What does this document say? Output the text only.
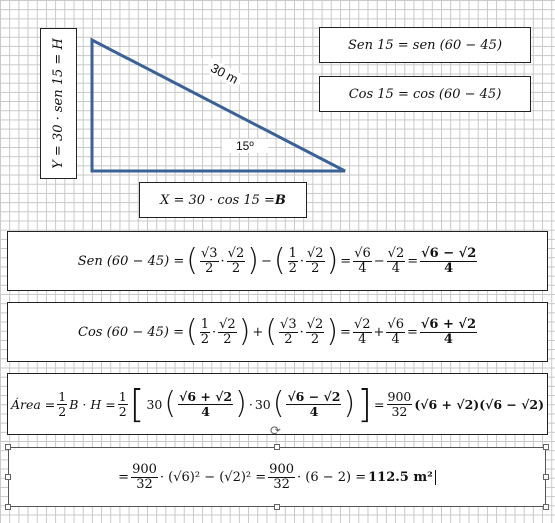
30 m
15º
Y = 30 · sen 15 = H
X = 30 · cos 15 = B
Sen 15 = sen (60 − 45)
Cos 15 = cos (60 − 45)
Sen (60 − 45) = ( $\frac{√3}{2} \cdot \frac{√2}{2}$ ) − ( $\frac{1}{2} \cdot \frac{√2}{2}$ ) = $\frac{√6}{4} - \frac{√2}{4} = \frac{√6 - √2}{4}$
Cos (60 − 45) = ( $\frac{1}{2} \cdot \frac{√2}{2}$ ) + ( $\frac{√3}{2} \cdot \frac{√2}{2}$ ) = $\frac{√2}{4} + \frac{√6}{4} = \frac{√6 + √2}{4}$
Área = $\frac{1}{2}$ $B \cdot H = \frac{1}{2}$ [ 30 ( $\frac{√6 + √2}{4}$ ) · 30 ( $\frac{√6 - √2}{4}$ ) ] = $\frac{900}{32} (√6 + √2)(√6 - √2)$
= $\frac{900}{32} \cdot (√6)^2 - (√2)^2 = \frac{900}{32} \cdot (6 - 2) = 112.5$ m²
⟳
